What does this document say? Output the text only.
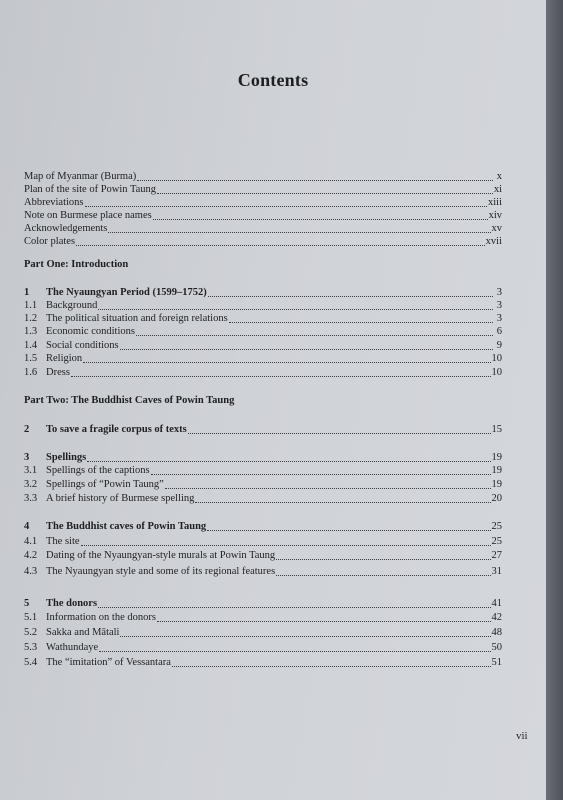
Contents
Map of Myanmar (Burma)	x
Plan of the site of Powin Taung	xi
Abbreviations	xiii
Note on Burmese place names	xiv
Acknowledgements	xv
Color plates	xvii
Part One: Introduction
1	The Nyaungyan Period (1599–1752)	3
1.1 Background	3
1.2 The political situation and foreign relations	3
1.3 Economic conditions	6
1.4 Social conditions	9
1.5 Religion	10
1.6 Dress	10
Part Two: The Buddhist Caves of Powin Taung
2	To save a fragile corpus of texts	15
3	Spellings	19
3.1 Spellings of the captions	19
3.2 Spellings of “Powin Taung”	19
3.3 A brief history of Burmese spelling	20
4	The Buddhist caves of Powin Taung	25
4.1 The site	25
4.2 Dating of the Nyaungyan-style murals at Powin Taung	27
4.3 The Nyaungyan style and some of its regional features	31
5	The donors	41
5.1 Information on the donors	42
5.2 Sakka and Mātali	48
5.3 Wathundaye	50
5.4 The “imitation” of Vessantara	51
vii
